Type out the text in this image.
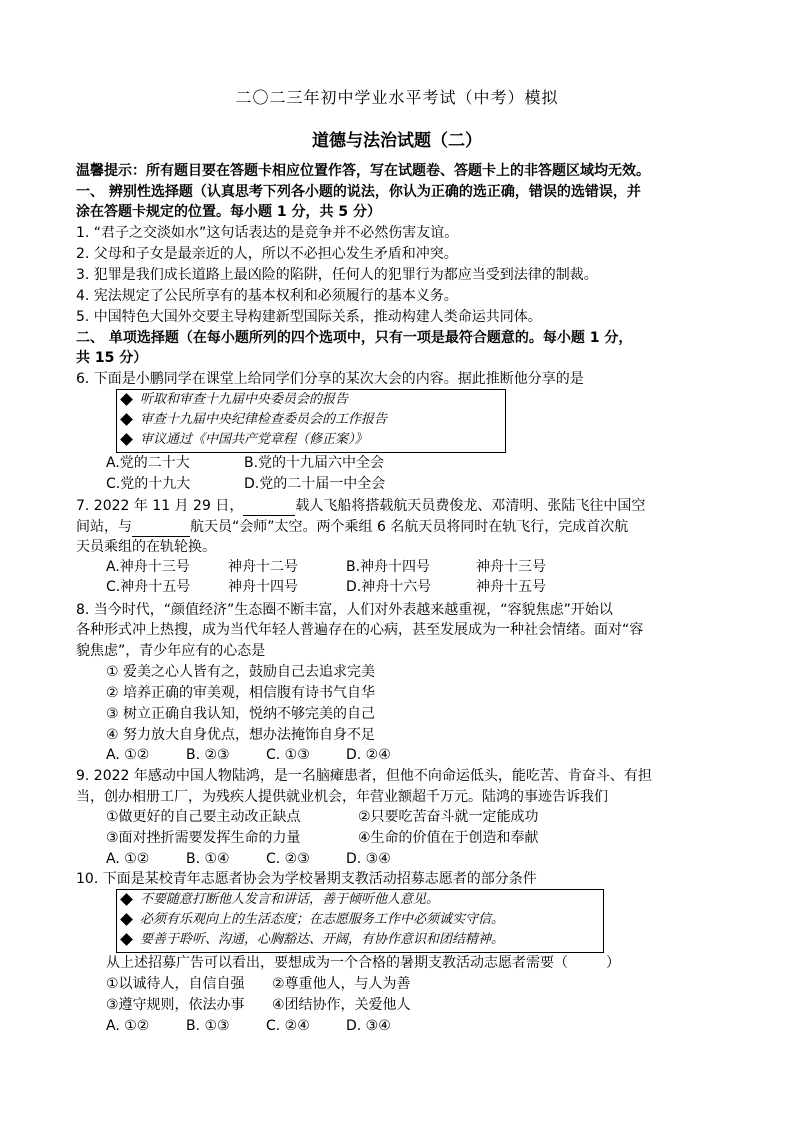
二〇二三年初中学业水平考试（中考）模拟
道德与法治试题（二）
温馨提示：所有题目要在答题卡相应位置作答，写在试题卷、答题卡上的非答题区域均无效。
一、 辨别性选择题（认真思考下列各小题的说法，你认为正确的选正确，错误的选错误，并
涂在答题卡规定的位置。每小题 1 分，共 5 分）
1. “君子之交淡如水”这句话表达的是竞争并不必然伤害友谊。
2. 父母和子女是最亲近的人，所以不必担心发生矛盾和冲突。
3. 犯罪是我们成长道路上最凶险的陷阱，任何人的犯罪行为都应当受到法律的制裁。
4. 宪法规定了公民所享有的基本权利和必须履行的基本义务。
5. 中国特色大国外交要主导构建新型国际关系，推动构建人类命运共同体。
二、 单项选择题（在每小题所列的四个选项中，只有一项是最符合题意的。每小题 1 分，
共 15 分）
6. 下面是小鹏同学在课堂上给同学们分享的某次大会的内容。据此推断他分享的是
听取和审查十九届中央委员会的报告
审查十九届中央纪律检查委员会的工作报告
审议通过《中国共产党章程（修正案）》
A.党的二十大	B.党的十九届六中全会
C.党的十九大	D.党的二十届一中全会
7. 2022 年 11 月 29 日，	载人飞船将搭载航天员费俊龙、邓清明、张陆飞往中国空
间站，与	航天员“会师”太空。两个乘组 6 名航天员将同时在轨飞行，完成首次航
天员乘组的在轨轮换。
A.神舟十三号	神舟十二号	B.神舟十四号	神舟十三号
C.神舟十五号	神舟十四号	D.神舟十六号	神舟十五号
8. 当今时代，“颜值经济”生态圈不断丰富，人们对外表越来越重视，“容貌焦虑”开始以
各种形式冲上热搜，成为当代年轻人普遍存在的心病，甚至发展成为一种社会情绪。面对“容
貌焦虑”，青少年应有的心态是
① 爱美之心人皆有之，鼓励自己去追求完美
② 培养正确的审美观，相信腹有诗书气自华
③ 树立正确自我认知，悦纳不够完美的自己
④ 努力放大自身优点，想办法掩饰自身不足
A. ①②	B. ②③	C. ①③	D. ②④
9. 2022 年感动中国人物陆鸿，是一名脑瘫患者，但他不向命运低头，能吃苦、肯奋斗、有担
当，创办相册工厂，为残疾人提供就业机会，年营业额超千万元。陆鸿的事迹告诉我们
①做更好的自己要主动改正缺点	②只要吃苦奋斗就一定能成功
③面对挫折需要发挥生命的力量	④生命的价值在于创造和奉献
A. ①②	B. ①④	C. ②③	D. ③④
10. 下面是某校青年志愿者协会为学校暑期支教活动招募志愿者的部分条件
不要随意打断他人发言和讲话，善于倾听他人意见。
必须有乐观向上的生活态度；在志愿服务工作中必须诚实守信。
要善于聆听、沟通，心胸豁达、开阔，有协作意识和团结精神。
从上述招募广告可以看出，要想成为一个合格的暑期支教活动志愿者需要（	）
①以诚待人，自信自强 ②尊重他人，与人为善
③遵守规则，依法办事 ④团结协作，关爱他人
A. ①②	B. ①③	C. ②④	D. ③④
